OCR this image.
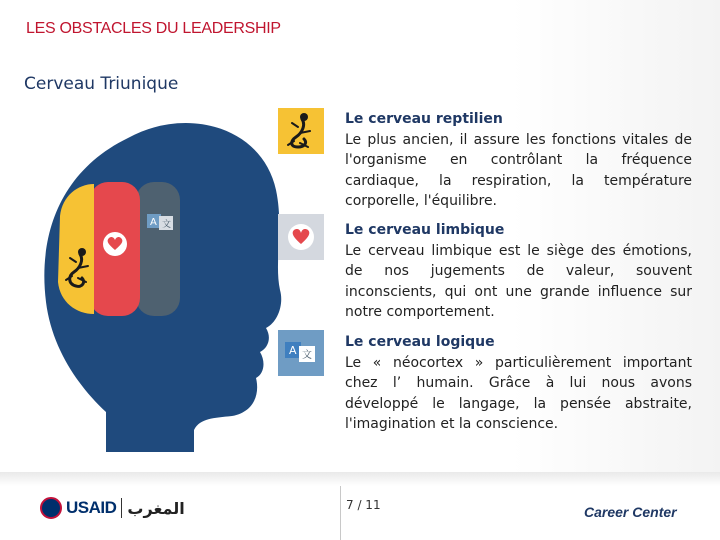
LES OBSTACLES DU LEADERSHIP
Cerveau Triunique
A 文
A 文
Le cerveau reptilien
Le plus ancien, il assure les fonctions vitales de l'organisme en contrôlant la fréquence cardiaque, la respiration, la température corporelle, l'équilibre.
Le cerveau limbique
Le cerveau limbique est le siège des émotions, de nos jugements de valeur, souvent inconscients, qui ont une grande influence sur notre comportement.
Le cerveau logique
Le « néocortex » particulièrement important chez l’ humain. Grâce à lui nous avons développé le langage, la pensée abstraite, l'imagination et la conscience.
7 / 11
USAID المغرب	Career Center
